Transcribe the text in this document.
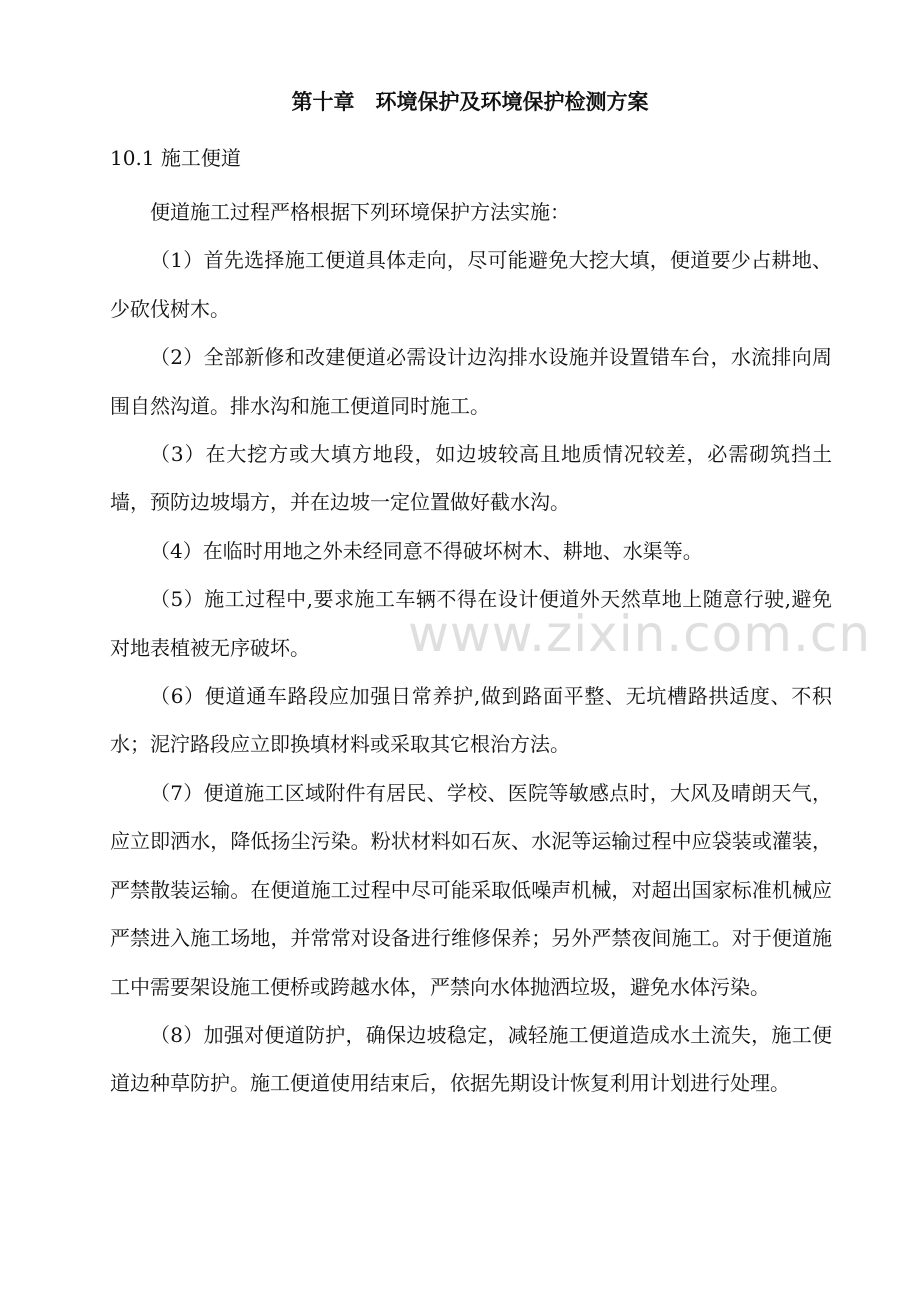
第十章　环境保护及环境保护检测方案
10.1 施工便道

便道施工过程严格根据下列环境保护方法实施：

（1）首先选择施工便道具体走向，尽可能避免大挖大填，便道要少占耕地、少砍伐树木。

（2）全部新修和改建便道必需设计边沟排水设施并设置错车台，水流排向周围自然沟道。排水沟和施工便道同时施工。

（3）在大挖方或大填方地段，如边坡较高且地质情况较差，必需砌筑挡土墙，预防边坡塌方，并在边坡一定位置做好截水沟。

（4）在临时用地之外未经同意不得破坏树木、耕地、水渠等。

（5）施工过程中,要求施工车辆不得在设计便道外天然草地上随意行驶,避免对地表植被无序破坏。

（6）便道通车路段应加强日常养护,做到路面平整、无坑槽路拱适度、不积水；泥泞路段应立即换填材料或采取其它根治方法。

（7）便道施工区域附件有居民、学校、医院等敏感点时，大风及晴朗天气，应立即洒水，降低扬尘污染。粉状材料如石灰、水泥等运输过程中应袋装或灌装，严禁散装运输。在便道施工过程中尽可能采取低噪声机械，对超出国家标准机械应严禁进入施工场地，并常常对设备进行维修保养；另外严禁夜间施工。对于便道施工中需要架设施工便桥或跨越水体，严禁向水体抛洒垃圾，避免水体污染。

（8）加强对便道防护，确保边坡稳定，减轻施工便道造成水土流失，施工便道边种草防护。施工便道使用结束后，依据先期设计恢复利用计划进行处理。

www.zixin.com.cn
